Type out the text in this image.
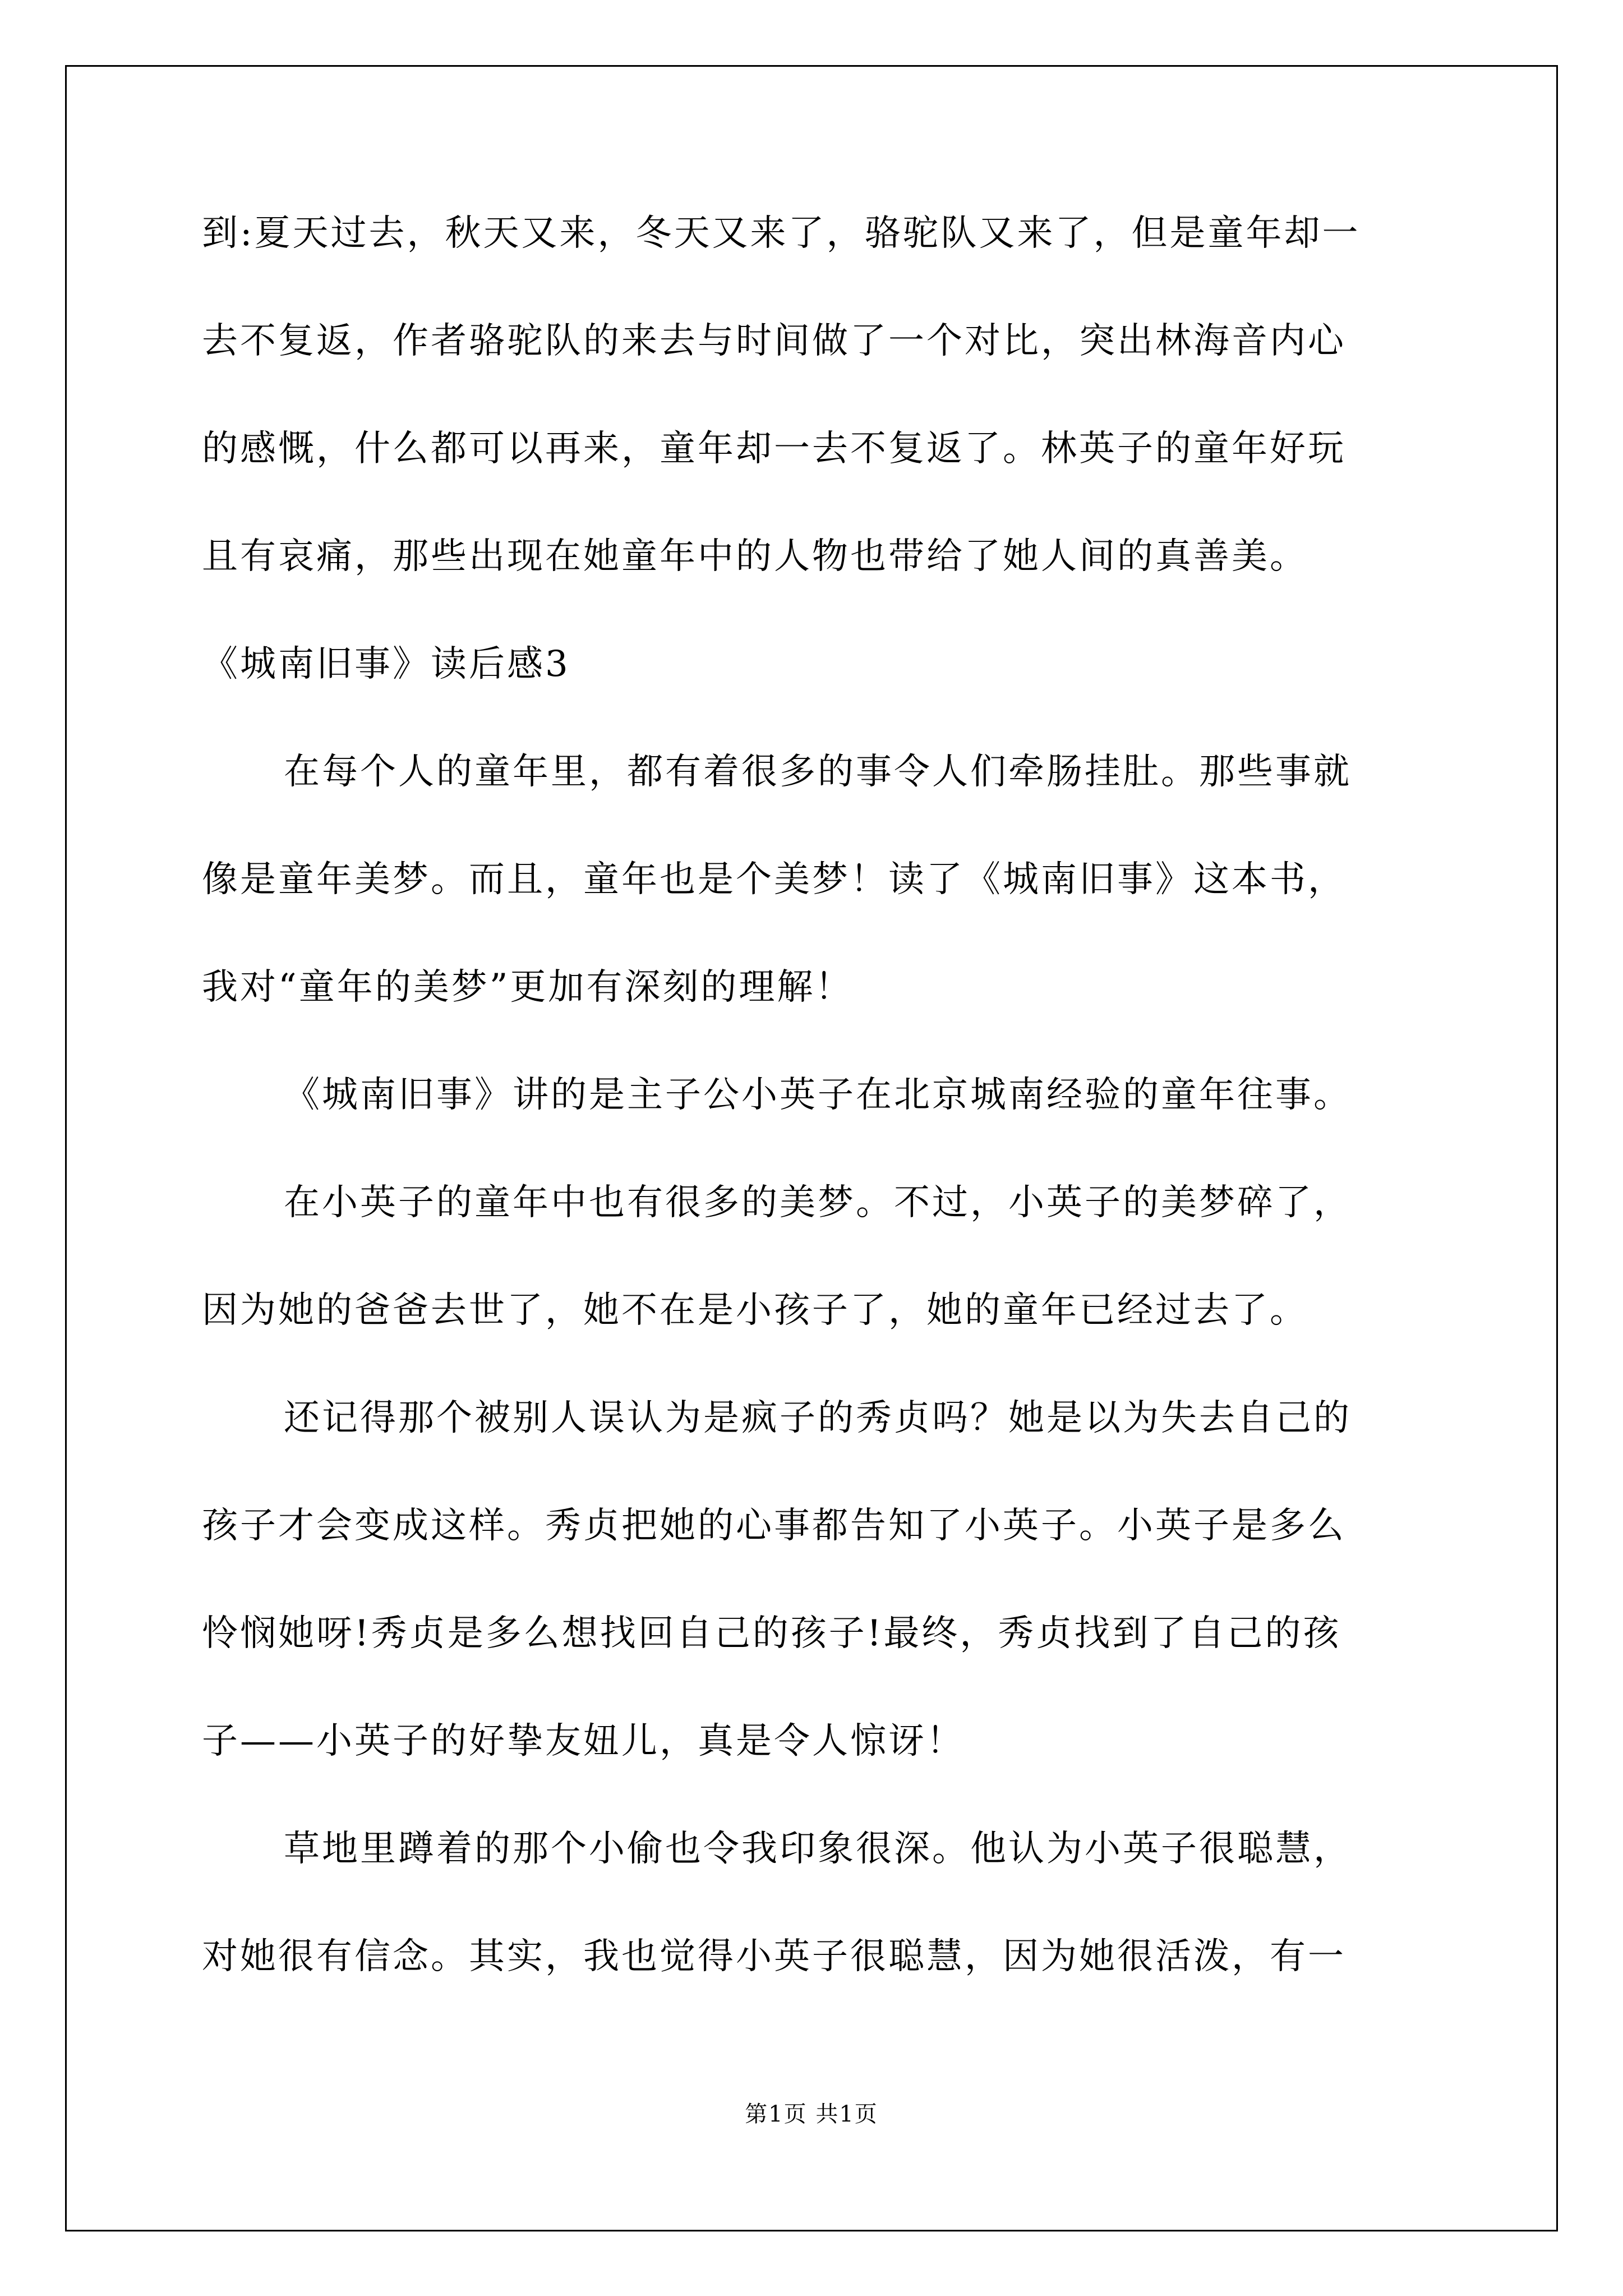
到:夏天过去，秋天又来，冬天又来了，骆驼队又来了，但是童年却一
去不复返，作者骆驼队的来去与时间做了一个对比，突出林海音内心
的感慨，什么都可以再来，童年却一去不复返了。林英子的童年好玩
且有哀痛，那些出现在她童年中的人物也带给了她人间的真善美。
《城南旧事》读后感3
在每个人的童年里，都有着很多的事令人们牵肠挂肚。那些事就
像是童年美梦。而且，童年也是个美梦！读了《城南旧事》这本书，
我对“童年的美梦”更加有深刻的理解！
《城南旧事》讲的是主子公小英子在北京城南经验的童年往事。
在小英子的童年中也有很多的美梦。不过，小英子的美梦碎了，
因为她的爸爸去世了，她不在是小孩子了，她的童年已经过去了。
还记得那个被别人误认为是疯子的秀贞吗？她是以为失去自己的
孩子才会变成这样。秀贞把她的心事都告知了小英子。小英子是多么
怜悯她呀!秀贞是多么想找回自己的孩子!最终，秀贞找到了自己的孩
子——小英子的好挚友妞儿，真是令人惊讶！
草地里蹲着的那个小偷也令我印象很深。他认为小英子很聪慧，
对她很有信念。其实，我也觉得小英子很聪慧，因为她很活泼，有一
第1页 共1页
